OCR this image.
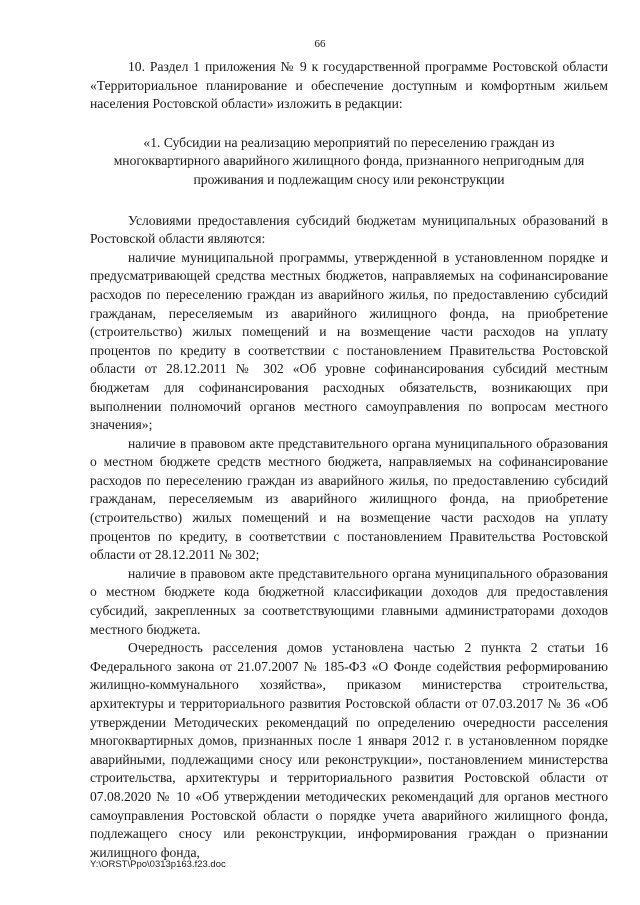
66

10. Раздел 1 приложения № 9 к государственной программе Ростовской области «Территориальное планирование и обеспечение доступным и комфортным жильем населения Ростовской области» изложить в редакции:

«1. Субсидии на реализацию мероприятий по переселению граждан из многоквартирного аварийного жилищного фонда, признанного непригодным для проживания и подлежащим сносу или реконструкции

Условиями предоставления субсидий бюджетам муниципальных образований в Ростовской области являются:

наличие муниципальной программы, утвержденной в установленном порядке и предусматривающей средства местных бюджетов, направляемых на софинансирование расходов по переселению граждан из аварийного жилья, по предоставлению субсидий гражданам, переселяемым из аварийного жилищного фонда, на приобретение (строительство) жилых помещений и на возмещение части расходов на уплату процентов по кредиту в соответствии с постановлением Правительства Ростовской области от 28.12.2011 № 302 «Об уровне софинансирования субсидий местным бюджетам для софинансирования расходных обязательств, возникающих при выполнении полномочий органов местного самоуправления по вопросам местного значения»;

наличие в правовом акте представительного органа муниципального образования о местном бюджете средств местного бюджета, направляемых на софинансирование расходов по переселению граждан из аварийного жилья, по предоставлению субсидий гражданам, переселяемым из аварийного жилищного фонда, на приобретение (строительство) жилых помещений и на возмещение части расходов на уплату процентов по кредиту, в соответствии с постановлением Правительства Ростовской области от 28.12.2011 № 302;

наличие в правовом акте представительного органа муниципального образования о местном бюджете кода бюджетной классификации доходов для предоставления субсидий, закрепленных за соответствующими главными администраторами доходов местного бюджета.

Очередность расселения домов установлена частью 2 пункта 2 статьи 16 Федерального закона от 21.07.2007 № 185-ФЗ «О Фонде содействия реформированию жилищно-коммунального хозяйства», приказом министерства строительства, архитектуры и территориального развития Ростовской области от 07.03.2017 № 36 «Об утверждении Методических рекомендаций по определению очередности расселения многоквартирных домов, признанных после 1 января 2012 г. в установленном порядке аварийными, подлежащими сносу или реконструкции», постановлением министерства строительства, архитектуры и территориального развития Ростовской области от 07.08.2020 № 10 «Об утверждении методических рекомендаций для органов местного самоуправления Ростовской области о порядке учета аварийного жилищного фонда, подлежащего сносу или реконструкции, информирования граждан о признании жилищного фонда,

Y:\ORST\Ppo\0313p163.f23.doc
